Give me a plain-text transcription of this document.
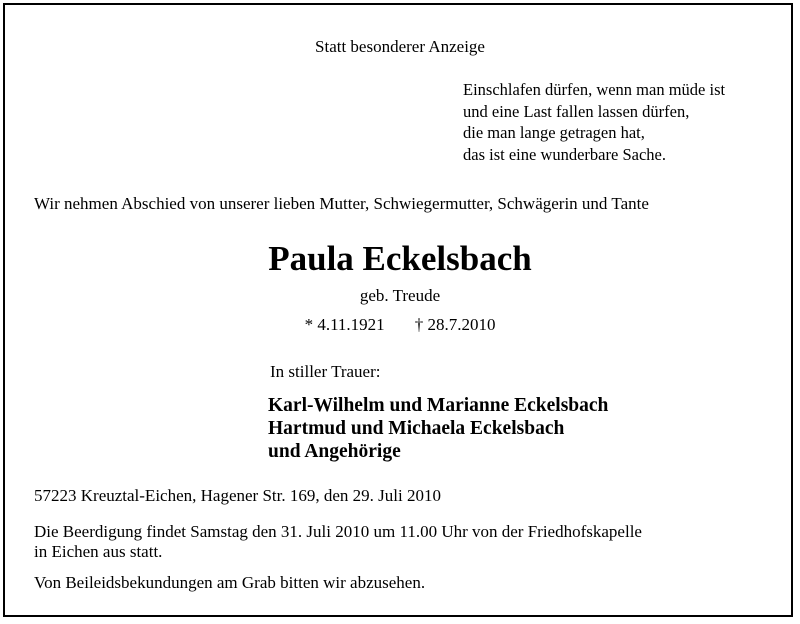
Statt besonderer Anzeige
Einschlafen dürfen, wenn man müde ist
und eine Last fallen lassen dürfen,
die man lange getragen hat,
das ist eine wunderbare Sache.
Wir nehmen Abschied von unserer lieben Mutter, Schwiegermutter, Schwägerin und Tante
Paula Eckelsbach
geb. Treude
* 4.11.1921 † 28.7.2010
In stiller Trauer:
Karl-Wilhelm und Marianne Eckelsbach
Hartmud und Michaela Eckelsbach
und Angehörige
57223 Kreuztal-Eichen, Hagener Str. 169, den 29. Juli 2010
Die Beerdigung findet Samstag den 31. Juli 2010 um 11.00 Uhr von der Friedhofskapelle
in Eichen aus statt.
Von Beileidsbekundungen am Grab bitten wir abzusehen.
